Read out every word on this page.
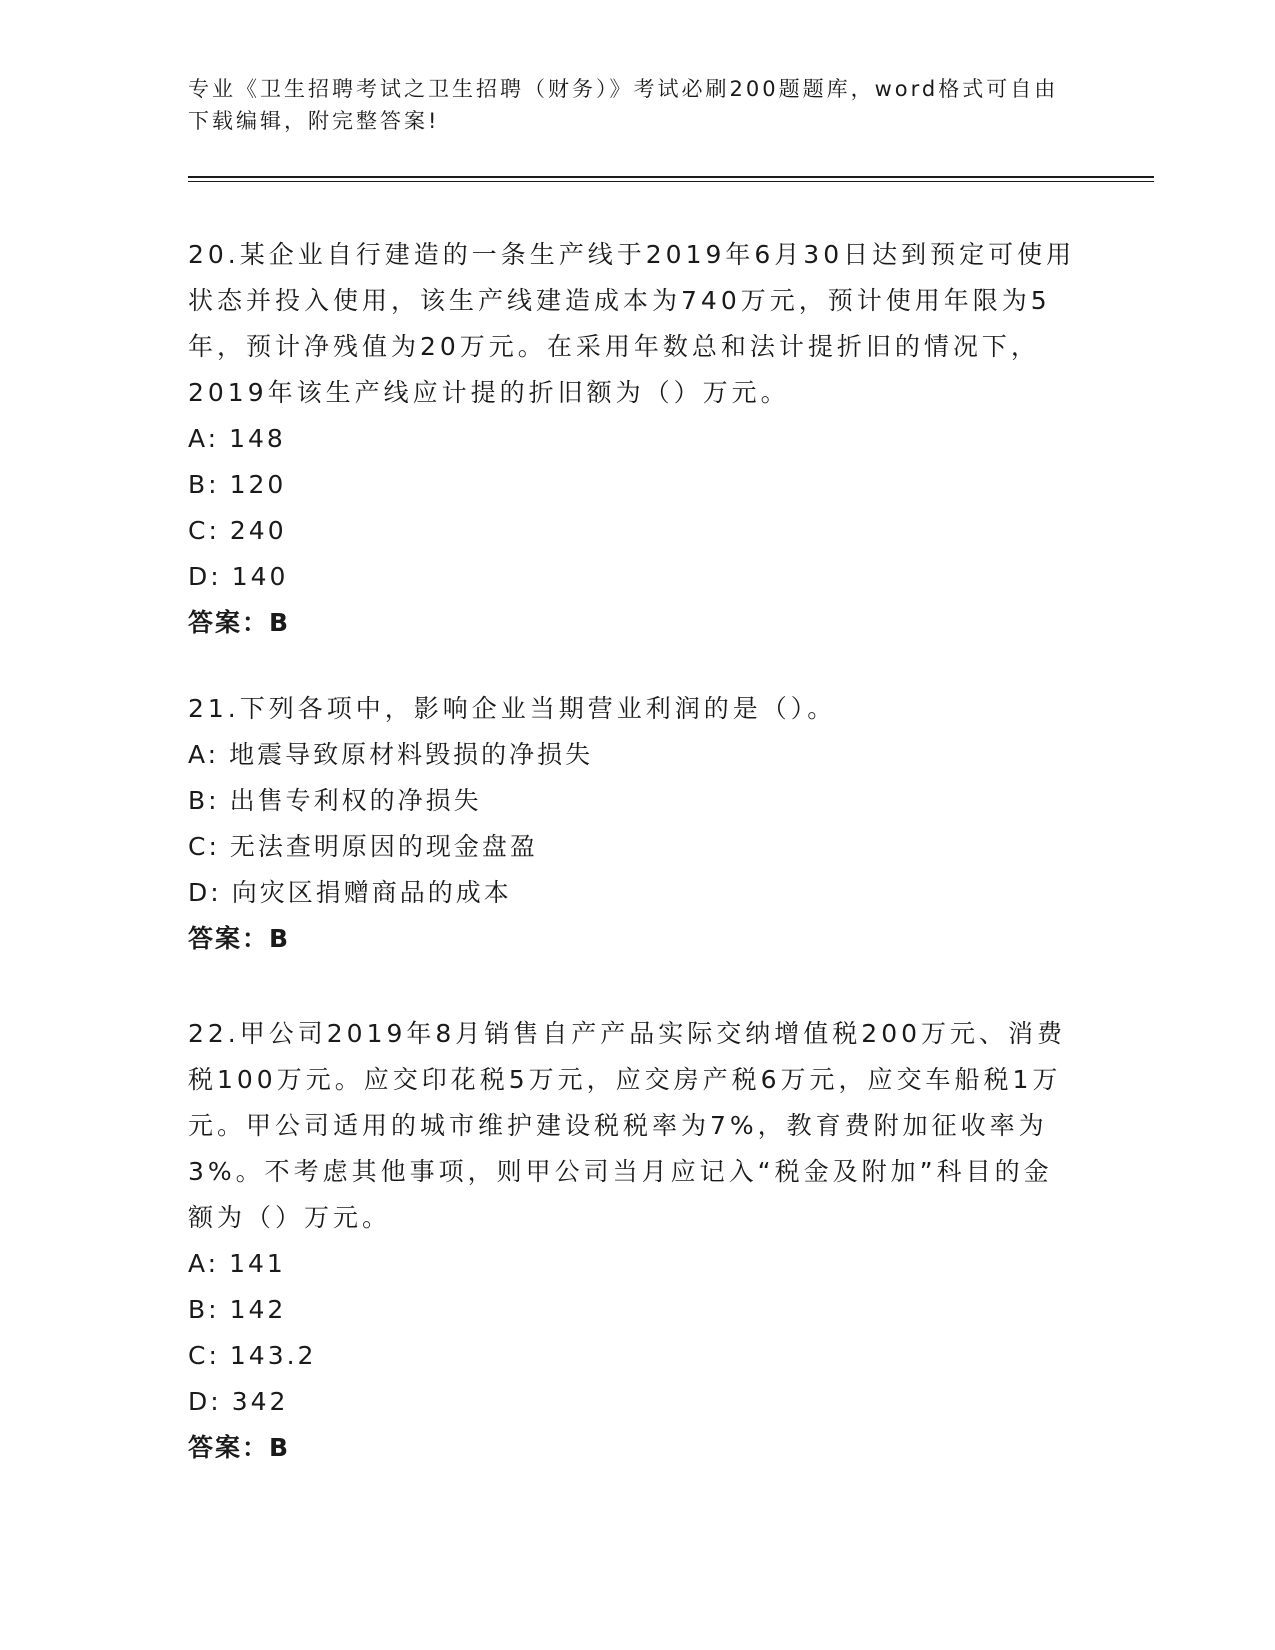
专业《卫生招聘考试之卫生招聘（财务）》考试必刷200题题库，word格式可自由下载编辑，附完整答案!

20.某企业自行建造的一条生产线于2019年6月30日达到预定可使用状态并投入使用，该生产线建造成本为740万元，预计使用年限为5年，预计净残值为20万元。在采用年数总和法计提折旧的情况下，2019年该生产线应计提的折旧额为（）万元。

A: 148

B: 120

C: 240

D: 140

答案：B

21.下列各项中，影响企业当期营业利润的是（）。

A: 地震导致原材料毁损的净损失

B: 出售专利权的净损失

C: 无法查明原因的现金盘盈

D: 向灾区捐赠商品的成本

答案：B

22.甲公司2019年8月销售自产产品实际交纳增值税200万元、消费税100万元。应交印花税5万元，应交房产税6万元，应交车船税1万元。甲公司适用的城市维护建设税税率为7%，教育费附加征收率为3%。不考虑其他事项，则甲公司当月应记入“税金及附加”科目的金额为（）万元。

A: 141

B: 142

C: 143.2

D: 342

答案：B
